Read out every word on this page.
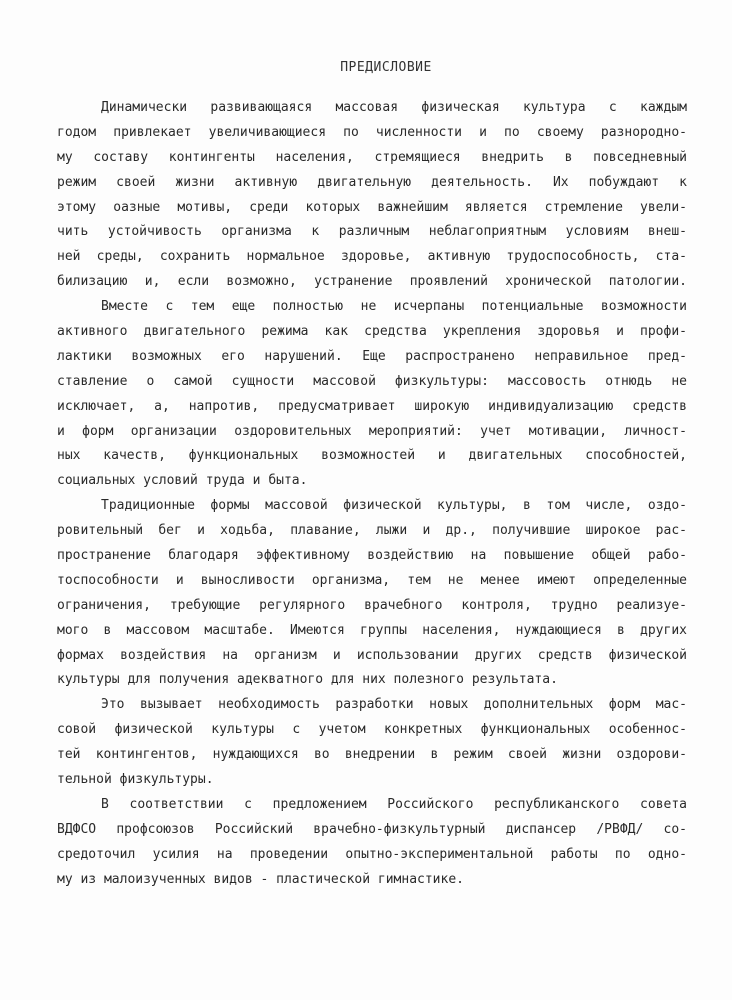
ПРЕДИСЛОВИЕ
Динамически развивающаяся массовая физическая культура с каждым
годом привлекает увеличивающиеся по численности и по своему разнородно-
му составу контингенты населения, стремящиеся внедрить в повседневный
режим своей жизни активную двигательную деятельность. Их побуждают к
этому оазные мотивы, среди которых важнейшим является стремление увели-
чить устойчивость организма к различным неблагоприятным условиям внеш-
ней среды, сохранить нормальное здоровье, активную трудоспособность, ста-
билизацию и, если возможно, устранение проявлений хронической патологии.
Вместе с тем еще полностью не исчерпаны потенциальные возможности
активного двигательного режима как средства укрепления здоровья и профи-
лактики возможных его нарушений. Еще распространено неправильное пред-
ставление о самой сущности массовой физкультуры: массовость отнюдь не
исключает, а, напротив, предусматривает широкую индивидуализацию средств
и форм организации оздоровительных мероприятий: учет мотивации, личност-
ных качеств, функциональных возможностей и двигательных способностей,
социальных условий труда и быта.
Традиционные формы массовой физической культуры, в том числе, оздо-
ровительный бег и ходьба, плавание, лыжи и др., получившие широкое рас-
пространение благодаря эффективному воздействию на повышение общей рабо-
тоспособности и выносливости организма, тем не менее имеют определенные
ограничения, требующие регулярного врачебного контроля, трудно реализуе-
мого в массовом масштабе. Имеются группы населения, нуждающиеся в других
формах воздействия на организм и использовании других средств физической
культуры для получения адекватного для них полезного результата.
Это вызывает необходимость разработки новых дополнительных форм мас-
совой физической культуры с учетом конкретных функциональных особеннос-
тей контингентов, нуждающихся во внедрении в режим своей жизни оздорови-
тельной физкультуры.
В соответствии с предложением Российского республиканского совета
ВДФСО профсоюзов Российский врачебно-физкультурный диспансер /РВФД/ со-
средоточил усилия на проведении опытно-экспериментальной работы по одно-
му из малоизученных видов - пластической гимнастике.
